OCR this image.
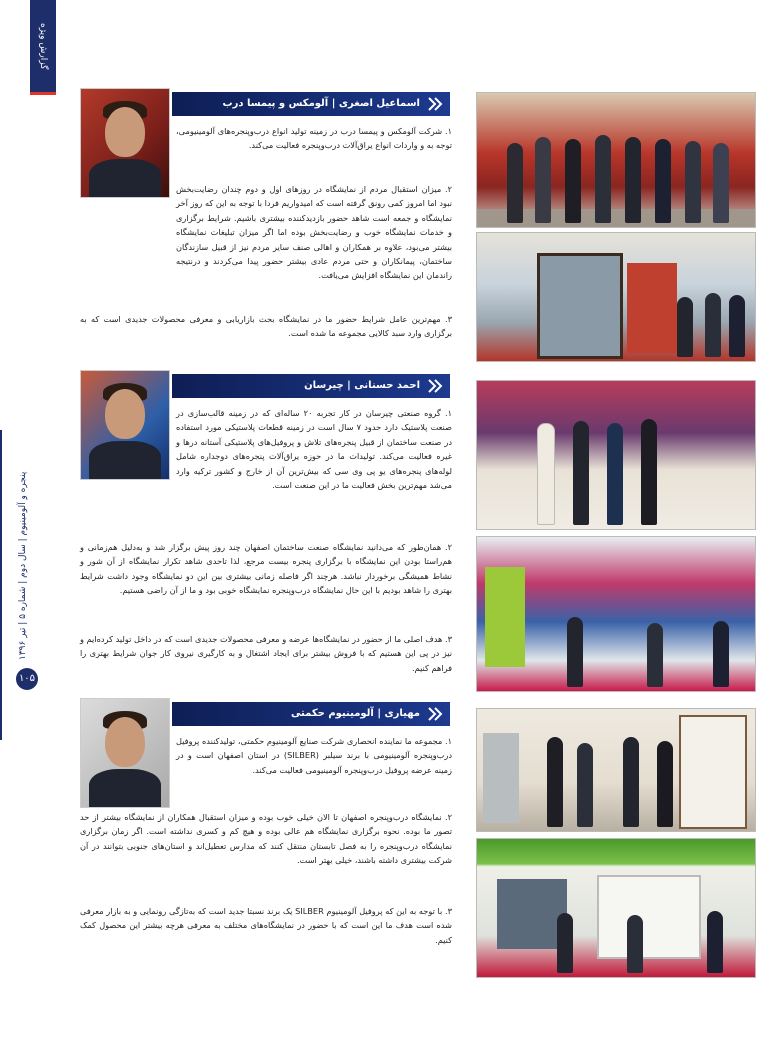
گزارش ویژه
پنجره و آلومینیوم | سال دوم | شماره ۵ | تیر ۱۳۹۶
۱۰۵
اسماعیل اصغری | آلومکس و پیمسا درب
۱. شرکت آلومکس و پیمسا درب در زمینه تولید انواع درب‌وپنجره‌های آلومینیومی، توجه به و واردات انواع یراق‌آلات درب‌وپنجره فعالیت می‌کند.
۲. میزان استقبال مردم از نمایشگاه در روزهای اول و دوم چندان رضایت‌بخش نبود اما امروز کمی رونق گرفته است که امیدواریم فردا با توجه به این که روز آخر نمایشگاه و جمعه است شاهد حضور بازدیدکننده بیشتری باشیم. شرایط برگزاری و خدمات نمایشگاه خوب و رضایت‌بخش بوده اما اگر میزان تبلیغات نمایشگاه بیشتر می‌بود، علاوه بر همکاران و اهالی صنف سایر مردم نیز از قبیل سازندگان ساختمان، پیمانکاران و حتی مردم عادی بیشتر حضور پیدا می‌کردند و درنتیجه راندمان این نمایشگاه افزایش می‌یافت.
۳. مهم‌ترین عامل شرایط حضور ما در نمایشگاه بحث بازاریابی و معرفی محصولات جدیدی است که به برگزاری وارد سبد کالایی مجموعه ما شده است.
احمد حسنانی | چیرسان
۱. گروه صنعتی چیرسان در کار تجربه ۲۰ ساله‌ای که در زمینه قالب‌سازی در صنعت پلاستیک دارد حدود ۷ سال است در زمینه قطعات پلاستیکی مورد استفاده در صنعت ساختمان از قبیل پنجره‌های تلاش و پروفیل‌های پلاستیکی آستانه درها و غیره فعالیت می‌کند. تولیدات ما در حوزه یراق‌آلات پنجره‌های دوجداره شامل لوله‌های پنجره‌های یو پی وی سی که بیش‌ترین آن از خارج و کشور ترکیه وارد می‌شد مهم‌ترین بخش فعالیت ما در این صنعت است.
۲. همان‌طور که می‌دانید نمایشگاه صنعت ساختمان اصفهان چند روز پیش برگزار شد و به‌دلیل هم‌زمانی و هم‌راستا بودن این نمایشگاه با برگزاری پنجره بیست مرجع، لذا تاحدی شاهد تکرار نمایشگاه از آن شور و نشاط همیشگی برخوردار نباشد. هرچند اگر فاصله زمانی بیشتری بین این دو نمایشگاه وجود داشت شرایط بهتری را شاهد بودیم با این حال نمایشگاه درب‌وپنجره نمایشگاه خوبی بود و ما از آن راضی هستیم.
۳. هدف اصلی ما از حضور در نمایشگاه‌ها عرضه و معرفی محصولات جدیدی است که در داخل تولید کرده‌ایم و نیز در پی این هستیم که با فروش بیشتر برای ایجاد اشتغال و به کارگیری نیروی کار جوان شرایط بهتری را فراهم کنیم.
مهیاری | آلومینیوم حکمتی
۱. مجموعه ما نماینده انحصاری شرکت صنایع آلومینیوم حکمتی، تولیدکننده پروفیل درب‌وپنجره آلومینیومی با برند سیلبر (SILBER) در استان اصفهان است و در زمینه عرضه پروفیل درب‌وپنجره آلومینیومی فعالیت می‌کند.
۲. نمایشگاه درب‌وپنجره اصفهان تا الان خیلی خوب بوده و میزان استقبال همکاران از نمایشگاه بیشتر از حد تصور ما بوده. نحوه برگزاری نمایشگاه هم عالی بوده و هیچ کم و کسری نداشته است. اگر زمان برگزاری نمایشگاه درب‌وپنجره را به فصل تابستان منتقل کنند که مدارس تعطیل‌اند و استان‌های جنوبی بتوانند در آن شرکت بیشتری داشته باشند، خیلی بهتر است.
۳. با توجه به این که پروفیل آلومینیوم SILBER یک برند نسبتا جدید است که به‌تازگی رونمایی و به بازار معرفی شده است هدف ما این است که با حضور در نمایشگاه‌های مختلف به معرفی هرچه بیشتر این محصول کمک کنیم.
